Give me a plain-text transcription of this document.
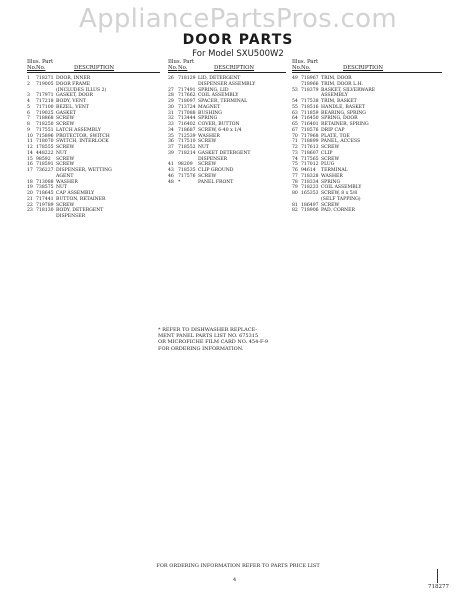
AppliancePartsPros.com
DOOR PARTS
For Model SXU500W2
Illus. Part
No. No.	DESCRIPTION
1	718271 DOOR, INNER
2	719005 DOOR FRAME
(INCLUDES ILLUS 2)
3	717971 GASKET, DOOR
4	717218 BODY, VENT
5	717100 BEZEL, VENT
6	719025 GASKET
7	718868 SCREW
8	718250 SCREW
9	717551 LATCH ASSEMBLY
10 715896 PROTECTOR, SWITCH
11 718070 SWITCH, INTERLOCK
12 178555 SCREW
14 448222 NUT
15 98592	SCREW
16 718591 SCREW
17 736227 DISPENSER, WETTING
AGENT
18 713088 WASHER
19 738575 NUT
20 718645 CAP ASSEMBLY
21 717441 BUTTON, RETAINER
22 719789 SCREW
23 718130 BODY, DETERGENT
DISPENSER
Illus. Part
No. No.	DESCRIPTION
26 718129 LID, DETERGENT
DISPENSER ASSEMBLY
27 717491 SPRING, LID
28 717662 COIL ASSEMBLY
29 718097 SPACER, TERMINAL
30 713724 MAGNET
31 717088 BUSHING
32 713444 SPRING
33 716402 COVER, BUTTON
34 718687 SCREW, 6-40 x 1/4
35 712539 WASHER
36 717510 SCREW
37 718552 NUT
39 718214 GASKET DETERGENT
DISPENSER
41 98209	SCREW
43 718535 CLIP GROUND
46 717576 SCREW
48 *	PANEL FRONT
Illus. Part
No. No.	DESCRIPTION
49 718967 TRIM, DOOR
718966 TRIM, DOOR L.H.
53 718379 BASKET, SILVERWARE
ASSEMBLY
54 717538 TRIM, BASKET
55 718516 HANDLE, BASKET
63 711859 BEARING, SPRING
64 716450 SPRING, DOOR
65 716401 RETAINER, SPRING
67 718576 DRIP CAP
70 717968 PLATE, TOE
71 718899 PANEL, ACCESS
72 717613 SCREW
73 718607 CLIP
74 717565 SCREW
75 717012 PLUG
76 94614	TERMINAL
77 718328 WASHER
78 718334 SPRING
79 718233 COIL ASSEMBLY
80 165353 SCREW, 8 x 5/8
(SELF TAPPING)
81 186497 SCREW
82 718906 PAD, CORNER
* REFER TO DISHWASHER REPLACE-
MENT PANEL PARTS LIST NO. 675315
OR MICROFICHE FILM CARD NO. 454-F-9
FOR ORDERING INFORMATION.
FOR ORDERING INFORMATION REFER TO PARTS PRICE LIST
4
718277
